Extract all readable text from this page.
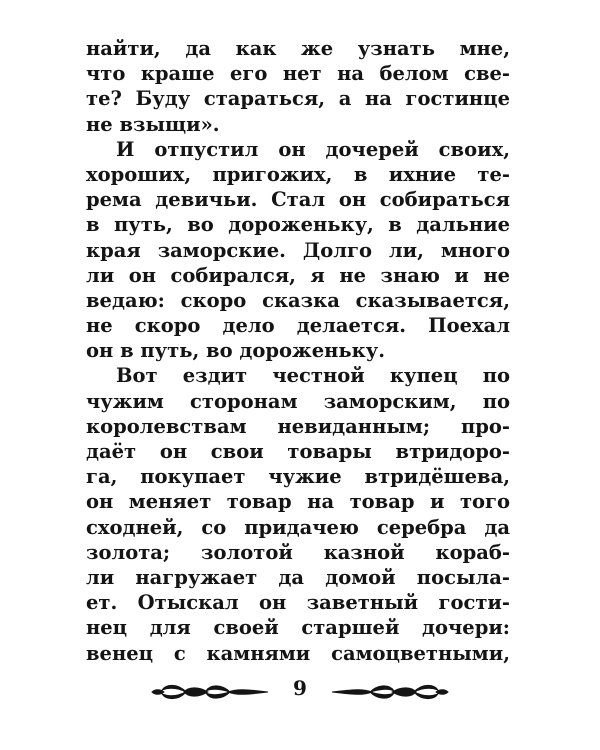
найти, да как же узнать мне,
что краше его нет на белом све-
те? Буду стараться, а на гостинце
не взыщи».
И отпустил он дочерей своих,
хороших, пригожих, в ихние те-
рема девичьи. Стал он собираться
в путь, во дороженьку, в дальние
края заморские. Долго ли, много
ли он собирался, я не знаю и не
ведаю: скоро сказка сказывается,
не скоро дело делается. Поехал
он в путь, во дороженьку.
Вот ездит честной купец по
чужим сторонам заморским, по
королевствам невиданным; про-
даёт он свои товары втридоро-
га, покупает чужие втридёшева,
он меняет товар на товар и того
сходней, со придачею серебра да
золота; золотой казной кораб-
ли нагружает да домой посыла-
ет. Отыскал он заветный гости-
нец для своей старшей дочери:
венец с камнями самоцветными,
9
